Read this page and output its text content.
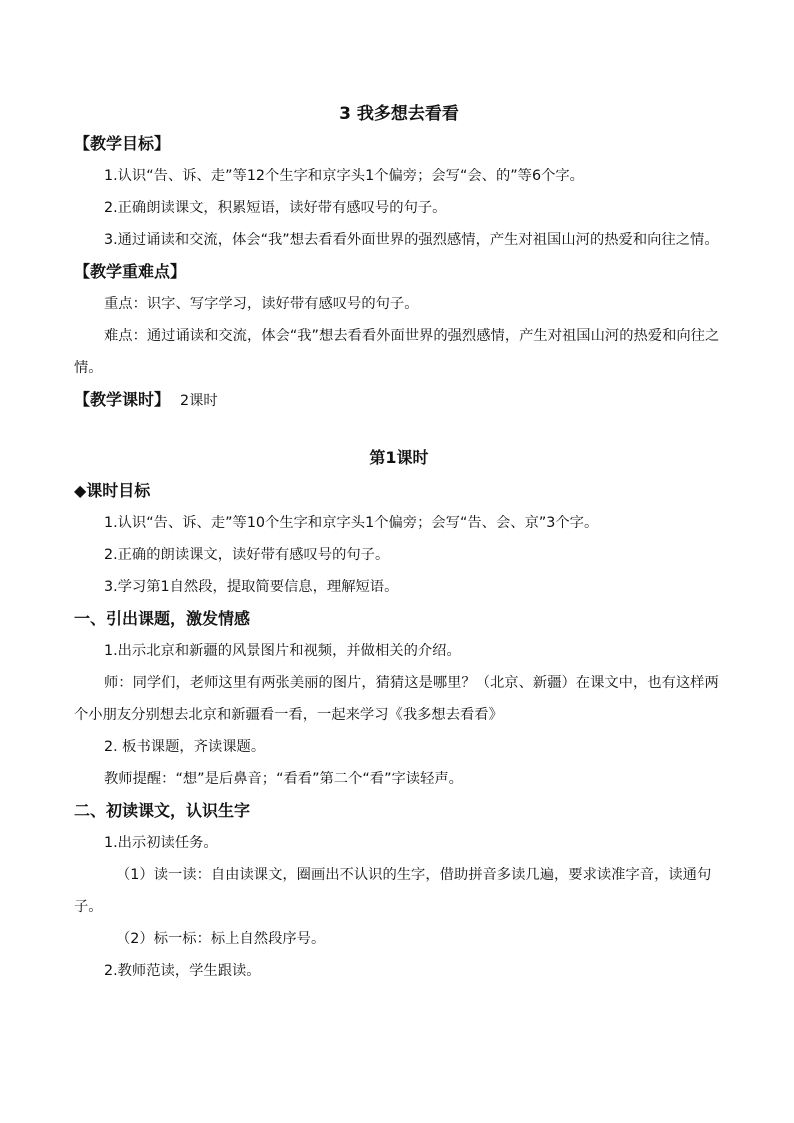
3 我多想去看看

【教学目标】

1.认识“告、诉、走”等12个生字和京字头1个偏旁；会写“会、的”等6个字。

2.正确朗读课文，积累短语，读好带有感叹号的句子。

3.通过诵读和交流，体会“我”想去看看外面世界的强烈感情，产生对祖国山河的热爱和向往之情。

【教学重难点】

重点：识字、写字学习，读好带有感叹号的句子。

难点：通过诵读和交流，体会“我”想去看看外面世界的强烈感情，产生对祖国山河的热爱和向往之情。

【教学课时】 2课时

第1课时

◆课时目标

1.认识“告、诉、走”等10个生字和京字头1个偏旁；会写“告、会、京”3个字。

2.正确的朗读课文，读好带有感叹号的句子。

3.学习第1自然段，提取简要信息，理解短语。

一、引出课题，激发情感

1.出示北京和新疆的风景图片和视频，并做相关的介绍。

师：同学们，老师这里有两张美丽的图片，猜猜这是哪里？（北京、新疆）在课文中，也有这样两个小朋友分别想去北京和新疆看一看，一起来学习《我多想去看看》

2. 板书课题，齐读课题。

教师提醒：“想”是后鼻音；“看看”第二个“看”字读轻声。

二、初读课文，认识生字

1.出示初读任务。

（1）读一读：自由读课文，圈画出不认识的生字，借助拼音多读几遍，要求读准字音，读通句子。

（2）标一标：标上自然段序号。

2.教师范读，学生跟读。
